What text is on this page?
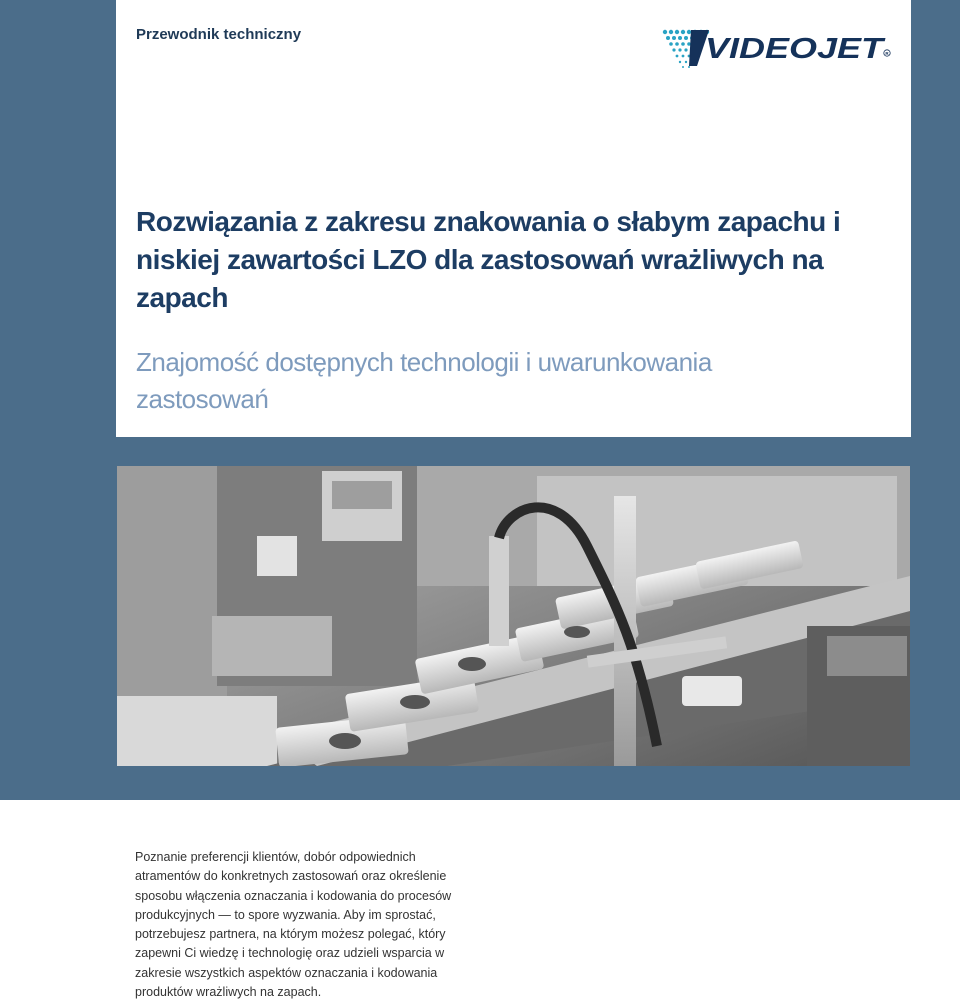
Przewodnik techniczny	VIDEOJET R
Rozwiązania z zakresu znakowania o słabym zapachu i niskiej zawartości LZO dla zastosowań wrażliwych na zapach
Znajomość dostępnych technologii i uwarunkowania zastosowań

Poznanie preferencji klientów, dobór odpowiednich atramentów do konkretnych zastosowań oraz określenie sposobu włączenia oznaczania i kodowania do procesów produkcyjnych — to spore wyzwania. Aby im sprostać, potrzebujesz partnera, na którym możesz polegać, który zapewni Ci wiedzę i technologię oraz udzieli wsparcia w zakresie wszystkich aspektów oznaczania i kodowania produktów wrażliwych na zapach.
